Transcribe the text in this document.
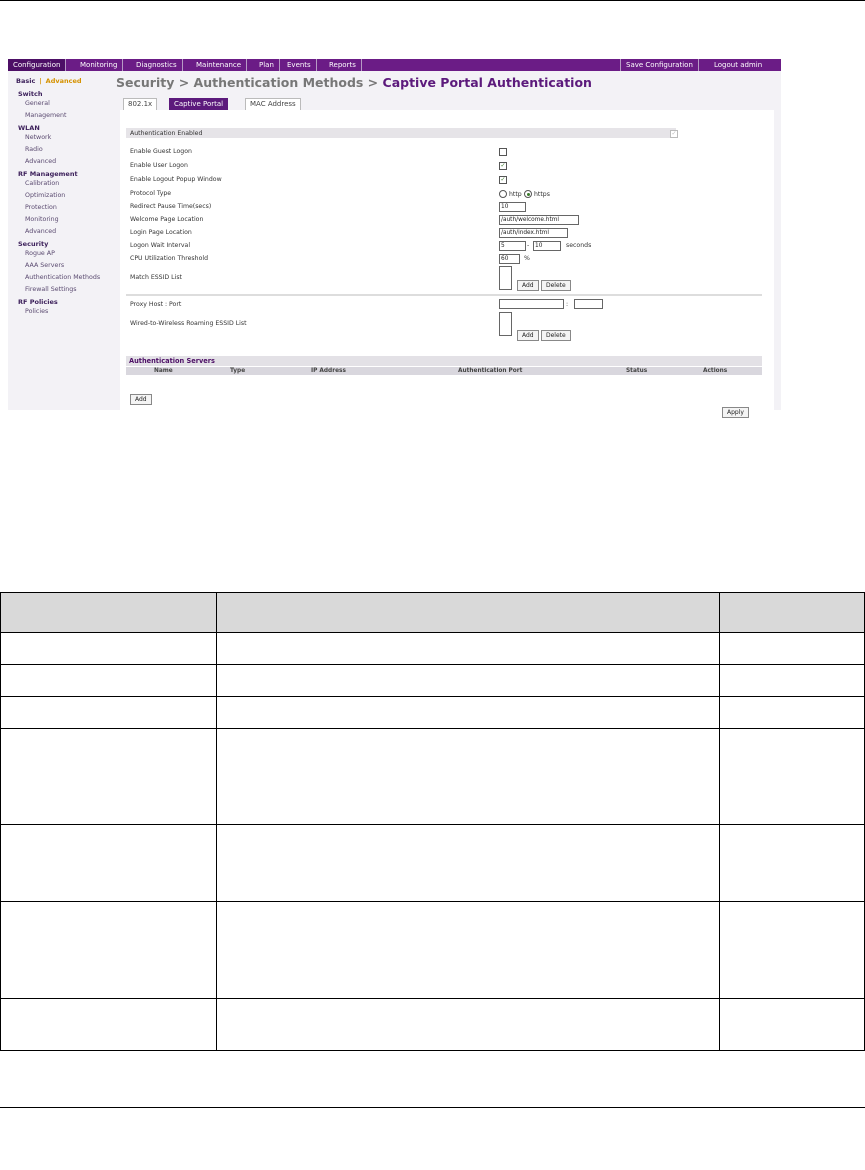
Configuration	Monitoring	Diagnostics	Maintenance	Plan	Events	Reports	Save Configuration	Logout admin
Basic | Advanced
Switch
General
Management
WLAN
Network
Radio
Advanced
RF Management
Calibration
Optimization
Protection
Monitoring
Advanced
Security
Rogue AP
AAA Servers
Authentication Methods
Firewall Settings
RF Policies
Policies
Security > Authentication Methods > Captive Portal Authentication
802.1x	Captive Portal	MAC Address
Authentication Enabled	✓
Enable Guest Logon
Enable User Logon	✓
Enable Logout Popup Window	✓
Protocol Type	http https
Redirect Pause Time(secs)	10
Welcome Page Location	/auth/welcome.html
Login Page Location	/auth/index.html
Logon Wait Interval	5	- 10	seconds
CPU Utilization Threshold	60	%
Match ESSID List
Add	Delete
Proxy Host : Port	:
Wired-to-Wireless Roaming ESSID List
Add	Delete
Authentication Servers
Name	Type	IP Address	Authentication Port	Status	Actions
Add
Apply
